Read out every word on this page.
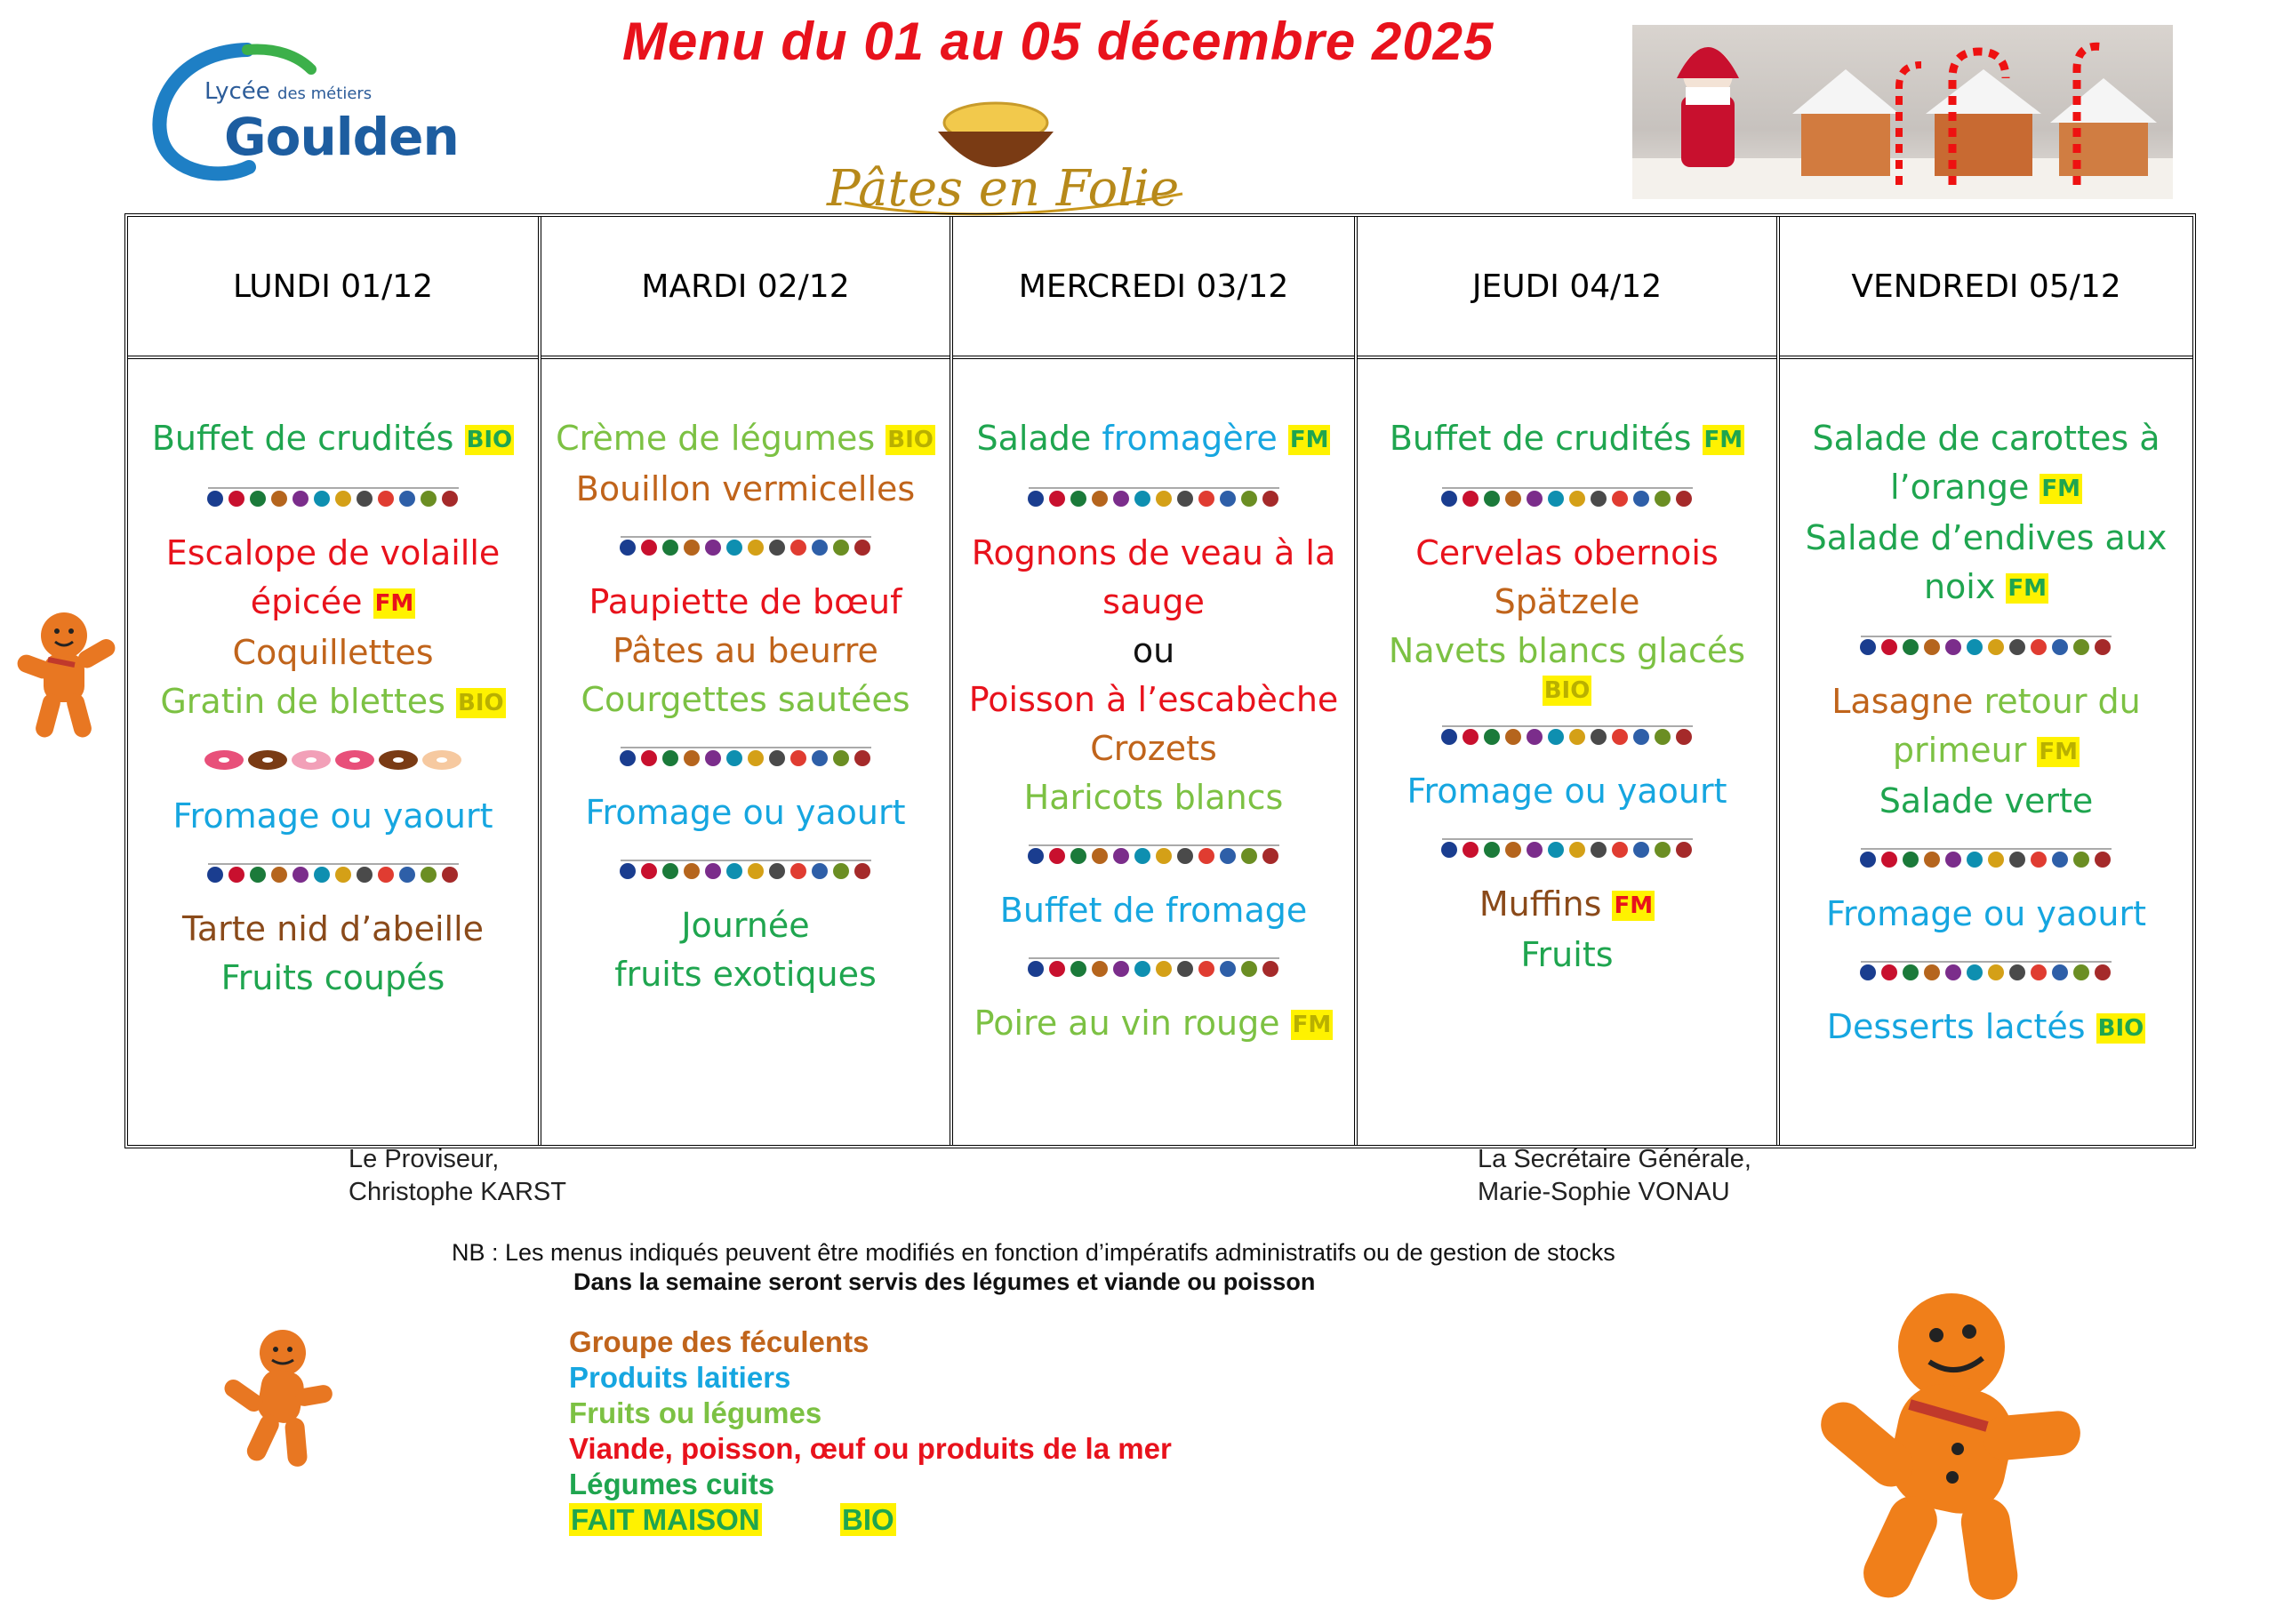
Menu du 01 au 05 décembre 2025
Lycée des métiers
Goulden
Pâtes en Folie
LUNDI 01/12
Buffet de crudités BIO
Escalope de volaille
épicée FM
Coquillettes
Gratin de blettes BIO
Fromage ou yaourt
Tarte nid d’abeille
Fruits coupés
MARDI 02/12
Crème de légumes BIO
Bouillon vermicelles
Paupiette de bœuf
Pâtes au beurre
Courgettes sautées
Fromage ou yaourt
Journée
fruits exotiques
MERCREDI 03/12
Salade fromagère FM
Rognons de veau à la
sauge
ou
Poisson à l’escabèche
Crozets
Haricots blancs
Buffet de fromage
Poire au vin rouge FM
JEUDI 04/12
Buffet de crudités FM
Cervelas obernois
Spätzele
Navets blancs glacés
BIO
Fromage ou yaourt
Muffins FM
Fruits
VENDREDI 05/12
Salade de carottes à
l’orange FM
Salade d’endives aux
noix FM
Lasagne retour du
primeur FM
Salade verte
Fromage ou yaourt
Desserts lactés BIO
Le Proviseur,
Christophe KARST
La Secrétaire Générale,
Marie-Sophie VONAU
NB : Les menus indiqués peuvent être modifiés en fonction d’impératifs administratifs ou de gestion de stocks
Dans la semaine seront servis des légumes et viande ou poisson
Groupe des féculents
Produits laitiers
Fruits ou légumes
Viande, poisson, œuf ou produits de la mer
Légumes cuits
FAIT MAISON	BIO
